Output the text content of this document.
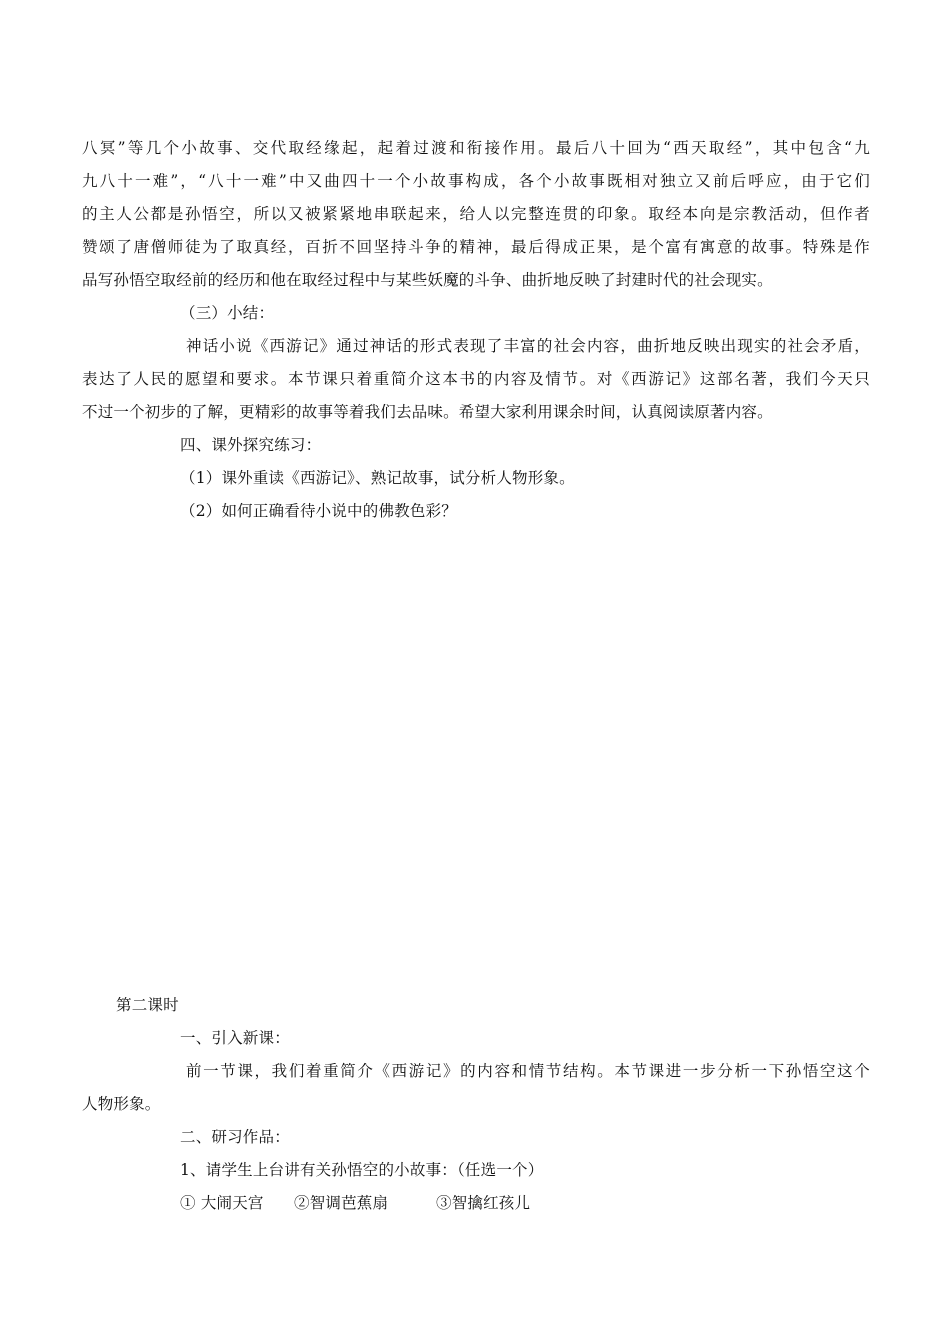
八冥”等几个小故事、交代取经缘起，起着过渡和衔接作用。最后八十回为“西天取经”，其中包含“九
九八十一难”，“八十一难”中又曲四十一个小故事构成，各个小故事既相对独立又前后呼应，由于它们
的主人公都是孙悟空，所以又被紧紧地串联起来，给人以完整连贯的印象。取经本向是宗教活动，但作者
赞颂了唐僧师徒为了取真经，百折不回坚持斗争的精神，最后得成正果，是个富有寓意的故事。特殊是作
品写孙悟空取经前的经历和他在取经过程中与某些妖魔的斗争、曲折地反映了封建时代的社会现实。
（三）小结：
神话小说《西游记》通过神话的形式表现了丰富的社会内容，曲折地反映出现实的社会矛盾，
表达了人民的愿望和要求。本节课只着重简介这本书的内容及情节。对《西游记》这部名著，我们今天只
不过一个初步的了解，更精彩的故事等着我们去品味。希望大家利用课余时间，认真阅读原著内容。
四、课外探究练习：
（1）课外重读《西游记》、熟记故事，试分析人物形象。
（2）如何正确看待小说中的佛教色彩？
第二课时
一、引入新课：
前一节课，我们着重简介《西游记》的内容和情节结构。本节课进一步分析一下孙悟空这个
人物形象。
二、研习作品：
1、请学生上台讲有关孙悟空的小故事：（任选一个）
① 大闹天宫 ②智调芭蕉扇	③智擒红孩儿
